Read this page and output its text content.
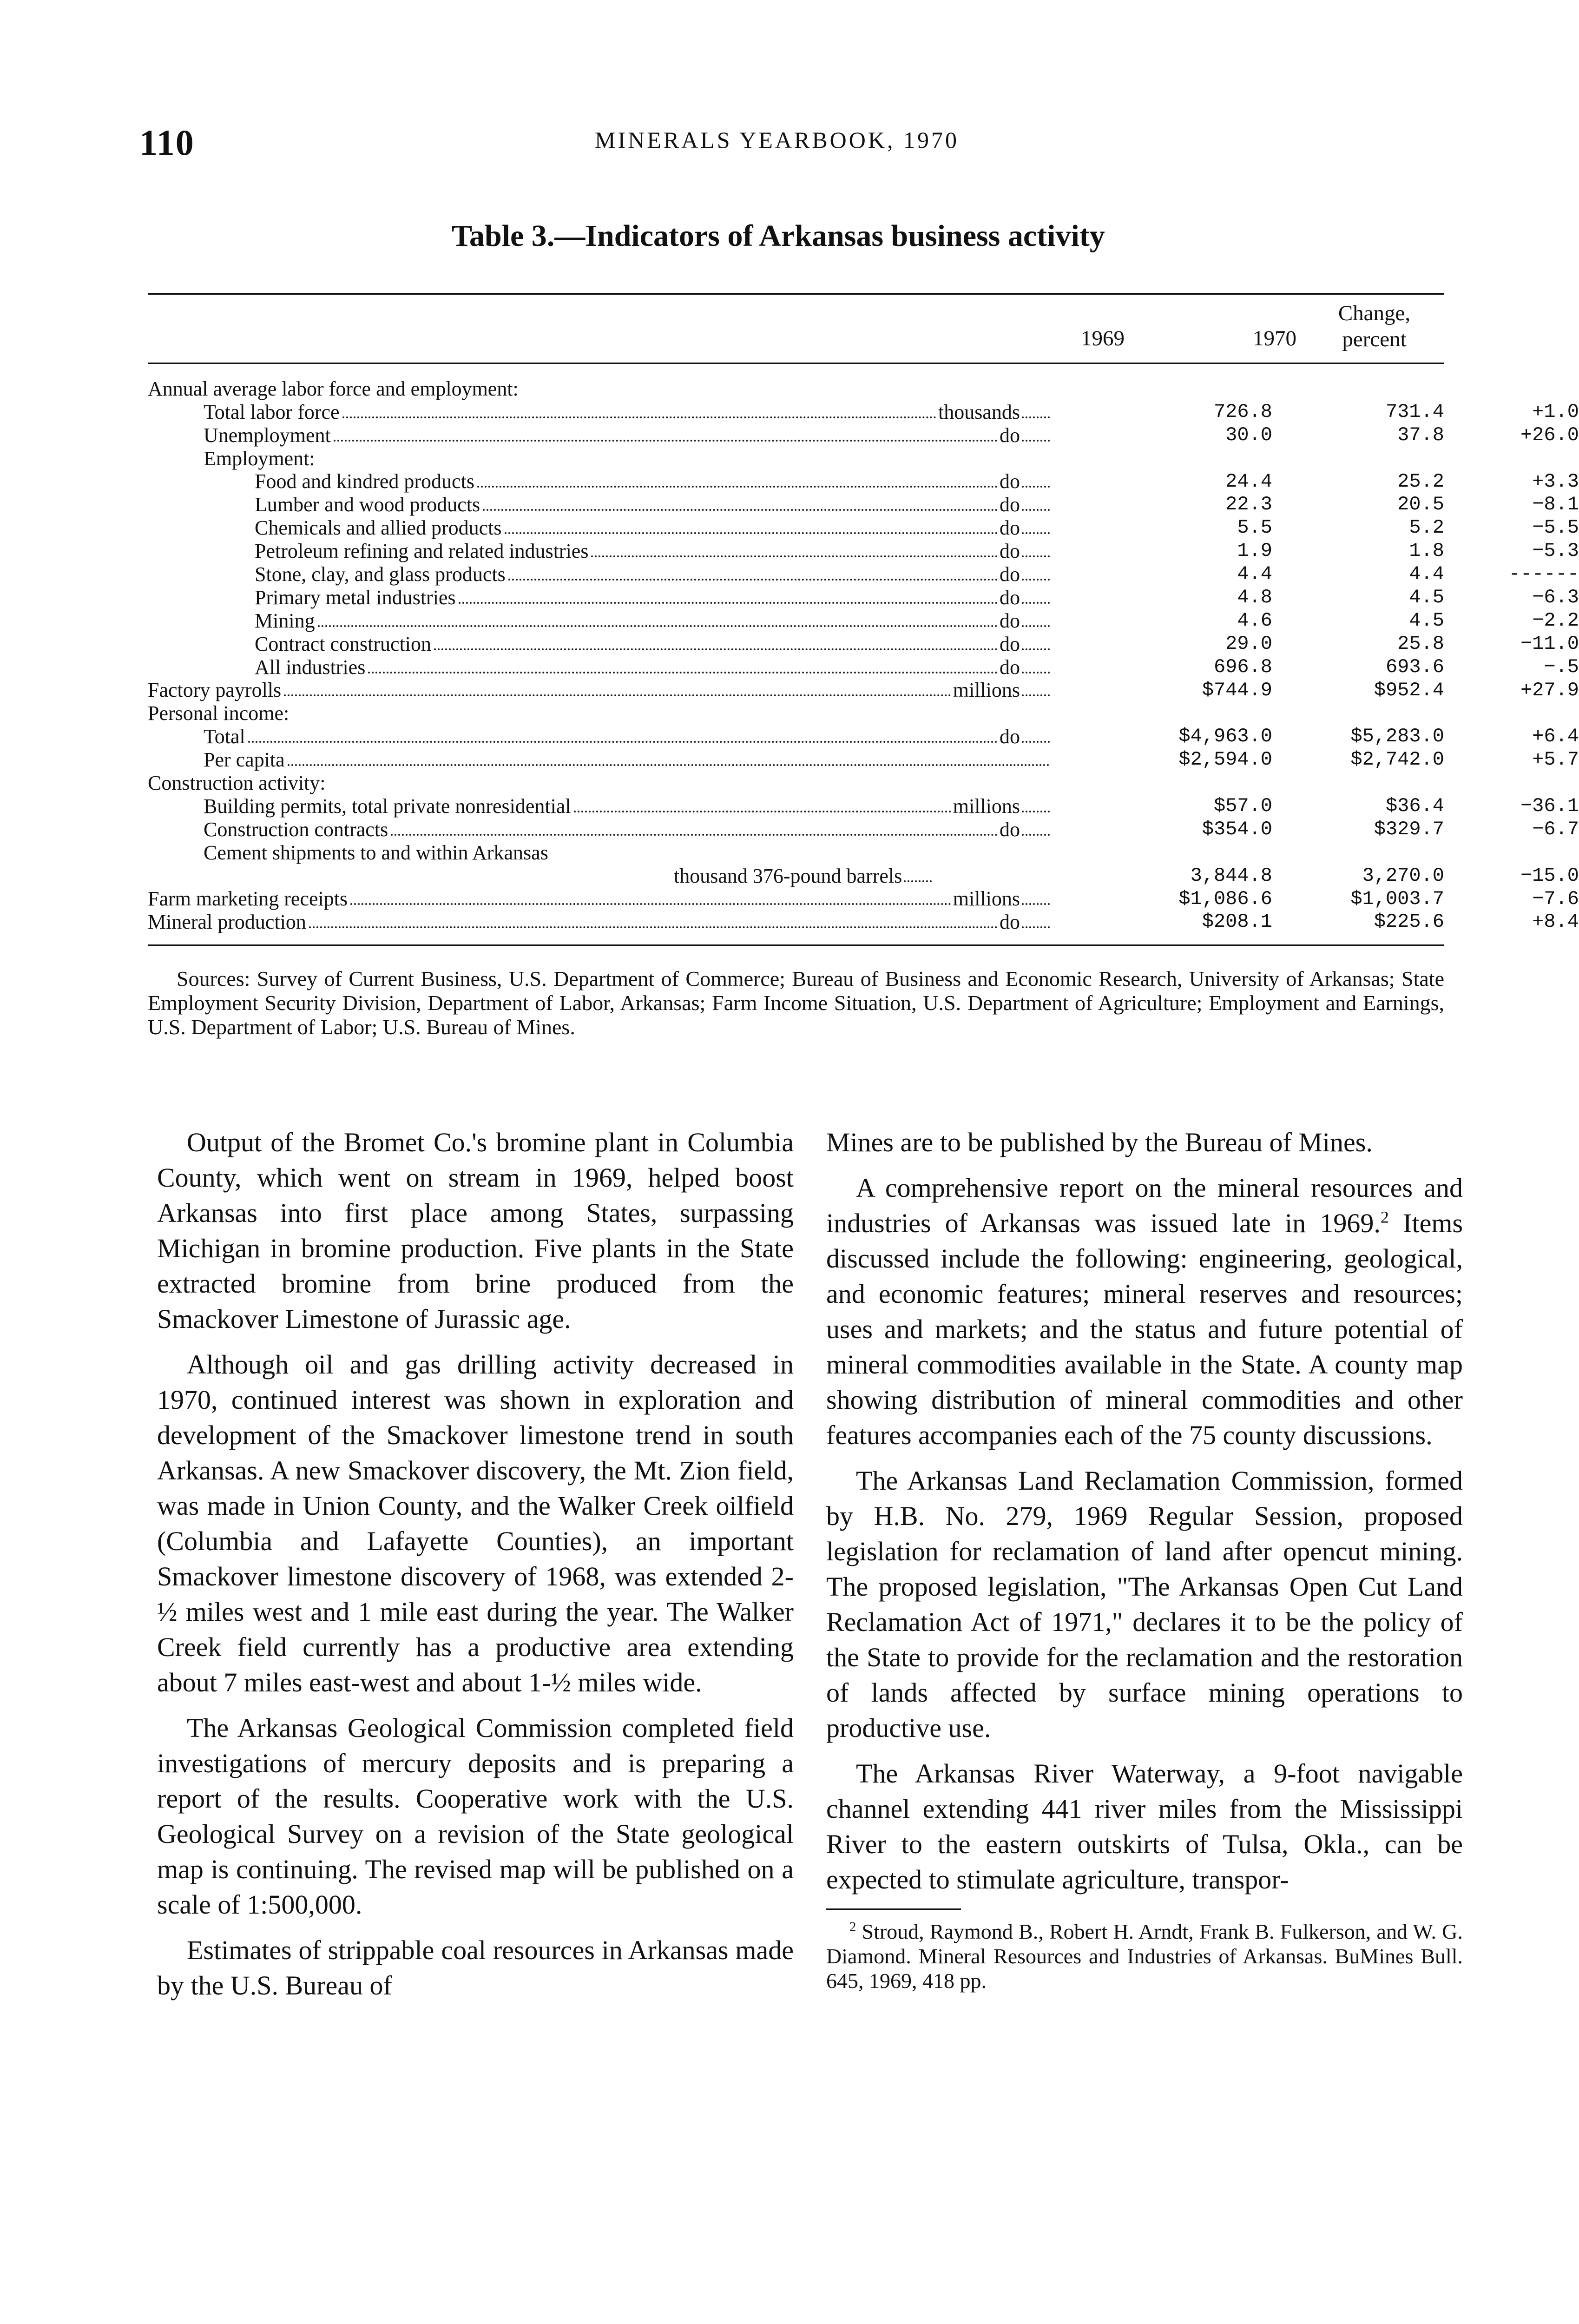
110	MINERALS YEARBOOK, 1970
Table 3.—Indicators of Arkansas business activity
1969	1970
Change, percent
Annual average labor force and employment:
Total labor force	thousands	726.8	731.4	+1.0
Unemployment	do	30.0	37.8	+26.0
Employment:
Food and kindred products	do	24.4	25.2	+3.3
Lumber and wood products	do	22.3	20.5	−8.1
Chemicals and allied products	do	5.5	5.2	−5.5
Petroleum refining and related industries	do	1.9	1.8	−5.3
Stone, clay, and glass products	do	4.4	4.4	------
Primary metal industries	do	4.8	4.5	−6.3
Mining	do	4.6	4.5	−2.2
Contract construction	do	29.0	25.8	−11.0
All industries	do	696.8	693.6	−.5
Factory payrolls	millions	$744.9	$952.4	+27.9
Personal income:
Total	do	$4,963.0	$5,283.0	+6.4
Per capita	$2,594.0	$2,742.0	+5.7
Construction activity:
Building permits, total private nonresidential	millions	$57.0	$36.4	−36.1
Construction contracts	do	$354.0	$329.7	−6.7
Cement shipments to and within Arkansas
thousand 376-pound barrels	3,844.8	3,270.0	−15.0
Farm marketing receipts	millions	$1,086.6	$1,003.7	−7.6
Mineral production	do	$208.1	$225.6	+8.4
Sources: Survey of Current Business, U.S. Department of Commerce; Bureau of Business and Economic Research, University of Arkansas; State Employment Security Division, Department of Labor, Arkansas; Farm Income Situation, U.S. Department of Agriculture; Employment and Earnings, U.S. Department of Labor; U.S. Bureau of Mines.

Output of the Bromet Co.'s bromine plant in Columbia County, which went on stream in 1969, helped boost Arkansas into first place among States, surpassing Michigan in bromine production. Five plants in the State extracted bromine from brine produced from the Smackover Limestone of Jurassic age.

Although oil and gas drilling activity decreased in 1970, continued interest was shown in exploration and development of the Smackover limestone trend in south Arkansas. A new Smackover discovery, the Mt. Zion field, was made in Union County, and the Walker Creek oilfield (Columbia and Lafayette Counties), an important Smackover limestone discovery of 1968, was extended 2-½ miles west and 1 mile east during the year. The Walker Creek field currently has a productive area extending about 7 miles east-west and about 1-½ miles wide.

The Arkansas Geological Commission completed field investigations of mercury deposits and is preparing a report of the results. Cooperative work with the U.S. Geological Survey on a revision of the State geological map is continuing. The revised map will be published on a scale of 1:500,000.

Estimates of strippable coal resources in Arkansas made by the U.S. Bureau of

Mines are to be published by the Bureau of Mines.

A comprehensive report on the mineral resources and industries of Arkansas was issued late in 1969.$^2$ Items discussed include the following: engineering, geological, and economic features; mineral reserves and resources; uses and markets; and the status and future potential of mineral commodities available in the State. A county map showing distribution of mineral commodities and other features accompanies each of the 75 county discussions.

The Arkansas Land Reclamation Commission, formed by H.B. No. 279, 1969 Regular Session, proposed legislation for reclamation of land after opencut mining. The proposed legislation, "The Arkansas Open Cut Land Reclamation Act of 1971," declares it to be the policy of the State to provide for the reclamation and the restoration of lands affected by surface mining operations to productive use.

The Arkansas River Waterway, a 9-foot navigable channel extending 441 river miles from the Mississippi River to the eastern outskirts of Tulsa, Okla., can be expected to stimulate agriculture, transpor-

$^2$ Stroud, Raymond B., Robert H. Arndt, Frank B. Fulkerson, and W. G. Diamond. Mineral Resources and Industries of Arkansas. BuMines Bull. 645, 1969, 418 pp.
